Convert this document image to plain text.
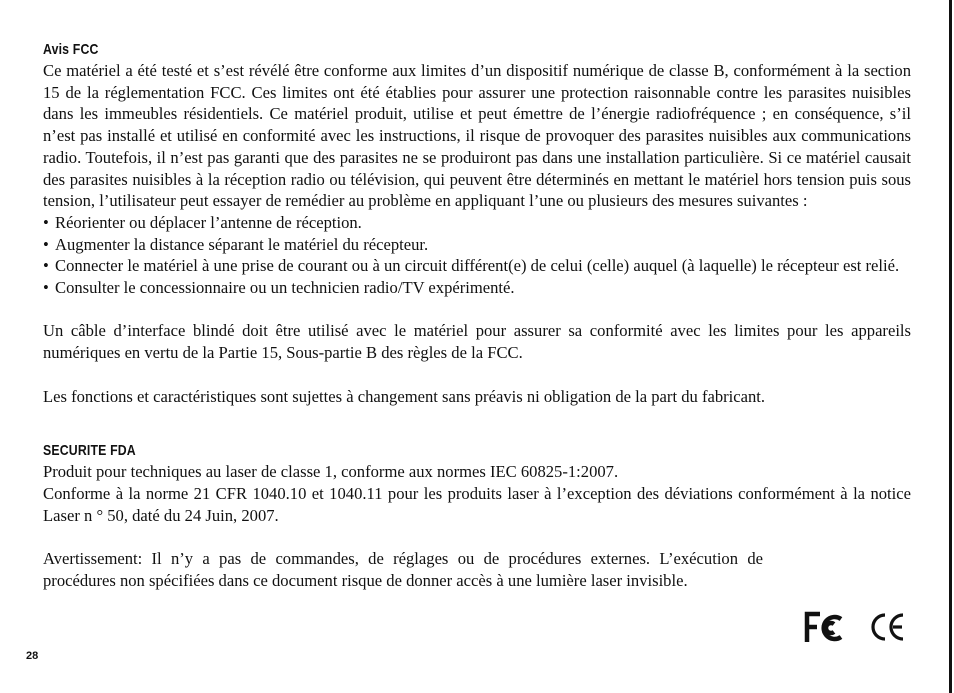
Avis FCC

Ce matériel a été testé et s’est révélé être conforme aux limites d’un dispositif numérique de classe B, conformément à la section 15 de la réglementation FCC. Ces limites ont été établies pour assurer une protection raisonnable contre les parasites nuisibles dans les immeubles résidentiels. Ce matériel produit, utilise et peut émettre de l’énergie radiofréquence ; en conséquence, s’il n’est pas installé et utilisé en conformité avec les instructions, il risque de provoquer des parasites nuisibles aux communications radio. Toutefois, il n’est pas garanti que des parasites ne se produiront pas dans une installation particulière. Si ce matériel causait des parasites nuisibles à la réception radio ou télévision, qui peuvent être déterminés en mettant le matériel hors tension puis sous tension, l’utilisateur peut essayer de remédier au problème en appliquant l’une ou plusieurs des mesures suivantes :

• Réorienter ou déplacer l’antenne de réception.
• Augmenter la distance séparant le matériel du récepteur.
• Connecter le matériel à une prise de courant ou à un circuit différent(e) de celui (celle) auquel (à laquelle) le récepteur est relié.
• Consulter le concessionnaire ou un technicien radio/TV expérimenté.

Un câble d’interface blindé doit être utilisé avec le matériel pour assurer sa conformité avec les limites pour les appareils numériques en vertu de la Partie 15, Sous-partie B des règles de la FCC.

Les fonctions et caractéristiques sont sujettes à changement sans préavis ni obligation de la part du fabricant.

SECURITE FDA

Produit pour techniques au laser de classe 1, conforme aux normes IEC 60825-1:2007.

Conforme à la norme 21 CFR 1040.10 et 1040.11 pour les produits laser à l’exception des déviations conformément à la notice Laser n ° 50, daté du 24 Juin, 2007.

Avertissement: Il n’y a pas de commandes, de réglages ou de procédures externes. L’exécution de procédures non spécifiées dans ce document risque de donner accès à une lumière laser invisible.

28
